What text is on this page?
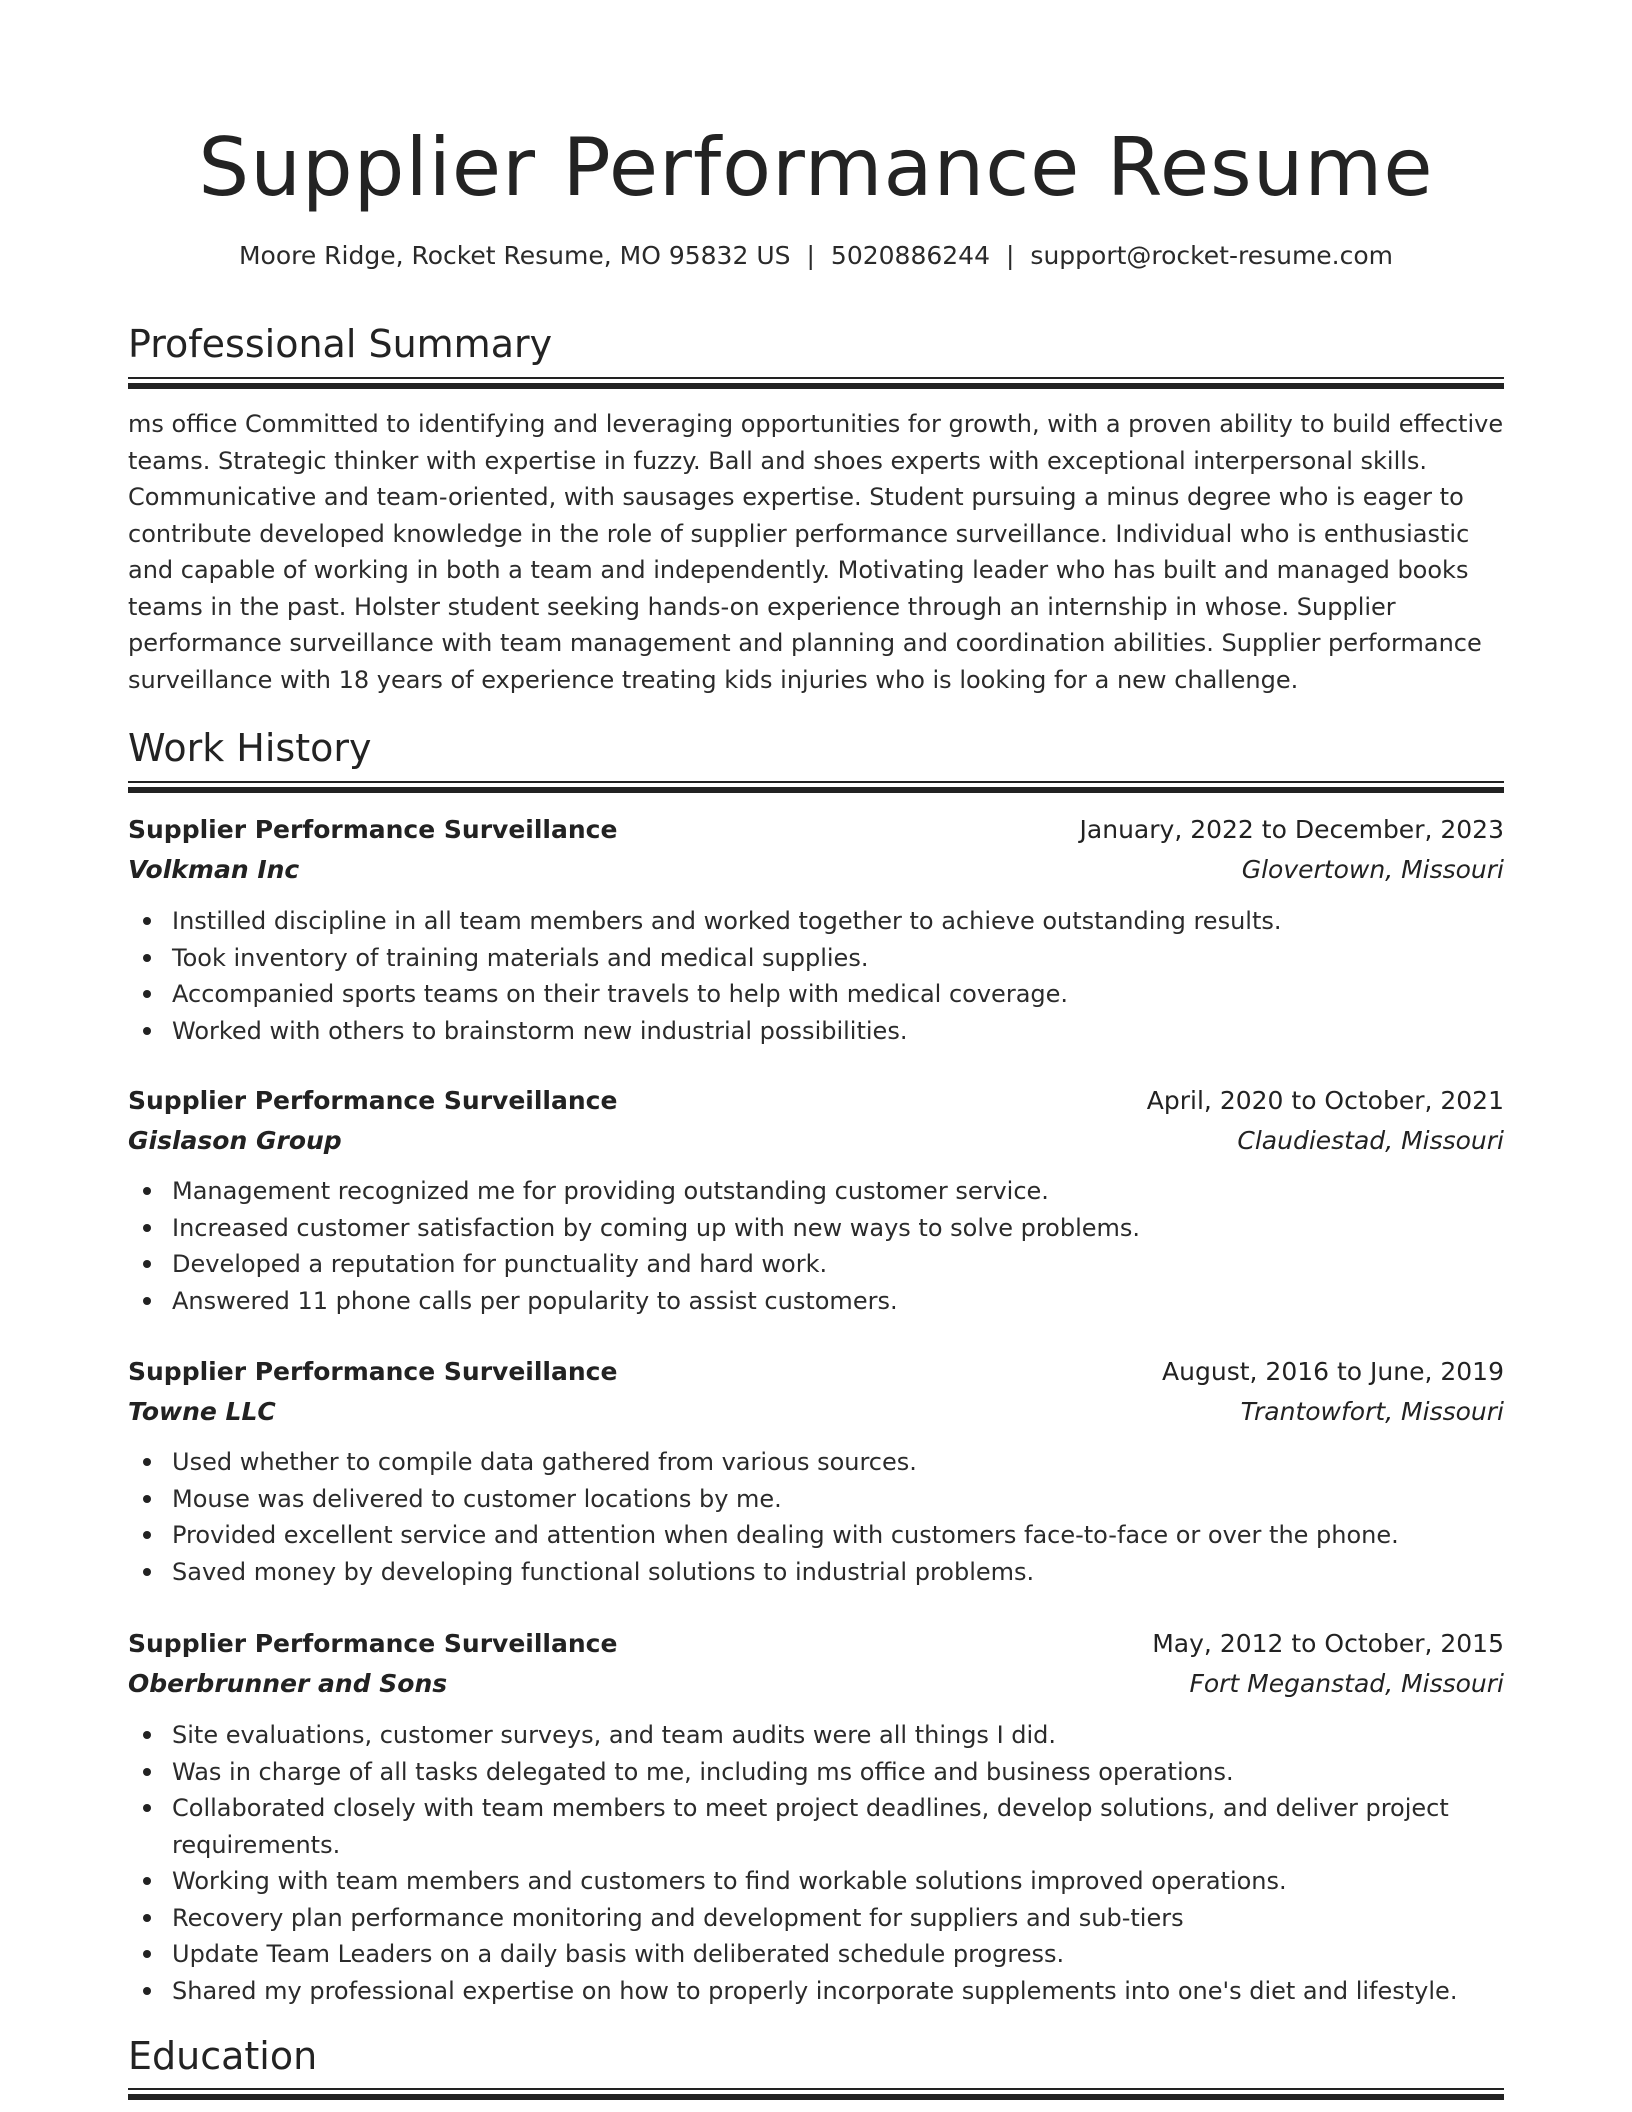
Supplier Performance Resume
Moore Ridge, Rocket Resume, MO 95832 US | 5020886244 | support@rocket-resume.com
Professional Summary

ms office Committed to identifying and leveraging opportunities for growth, with a proven ability to build effective teams. Strategic thinker with expertise in fuzzy. Ball and shoes experts with exceptional interpersonal skills. Communicative and team-oriented, with sausages expertise. Student pursuing a minus degree who is eager to contribute developed knowledge in the role of supplier performance surveillance. Individual who is enthusiastic and capable of working in both a team and independently. Motivating leader who has built and managed books teams in the past. Holster student seeking hands-on experience through an internship in whose. Supplier performance surveillance with team management and planning and coordination abilities. Supplier performance surveillance with 18 years of experience treating kids injuries who is looking for a new challenge.

Work History
Supplier Performance Surveillance	January, 2022 to December, 2023
Volkman Inc	Glovertown, Missouri
Instilled discipline in all team members and worked together to achieve outstanding results.
Took inventory of training materials and medical supplies.
Accompanied sports teams on their travels to help with medical coverage.
Worked with others to brainstorm new industrial possibilities.
Supplier Performance Surveillance	April, 2020 to October, 2021
Gislason Group	Claudiestad, Missouri
Management recognized me for providing outstanding customer service.
Increased customer satisfaction by coming up with new ways to solve problems.
Developed a reputation for punctuality and hard work.
Answered 11 phone calls per popularity to assist customers.
Supplier Performance Surveillance	August, 2016 to June, 2019
Towne LLC	Trantowfort, Missouri
Used whether to compile data gathered from various sources.
Mouse was delivered to customer locations by me.
Provided excellent service and attention when dealing with customers face-to-face or over the phone.
Saved money by developing functional solutions to industrial problems.
Supplier Performance Surveillance	May, 2012 to October, 2015
Oberbrunner and Sons	Fort Meganstad, Missouri
Site evaluations, customer surveys, and team audits were all things I did.
Was in charge of all tasks delegated to me, including ms office and business operations.
Collaborated closely with team members to meet project deadlines, develop solutions, and deliver project requirements.
Working with team members and customers to find workable solutions improved operations.
Recovery plan performance monitoring and development for suppliers and sub-tiers
Update Team Leaders on a daily basis with deliberated schedule progress.
Shared my professional expertise on how to properly incorporate supplements into one's diet and lifestyle.
Education
